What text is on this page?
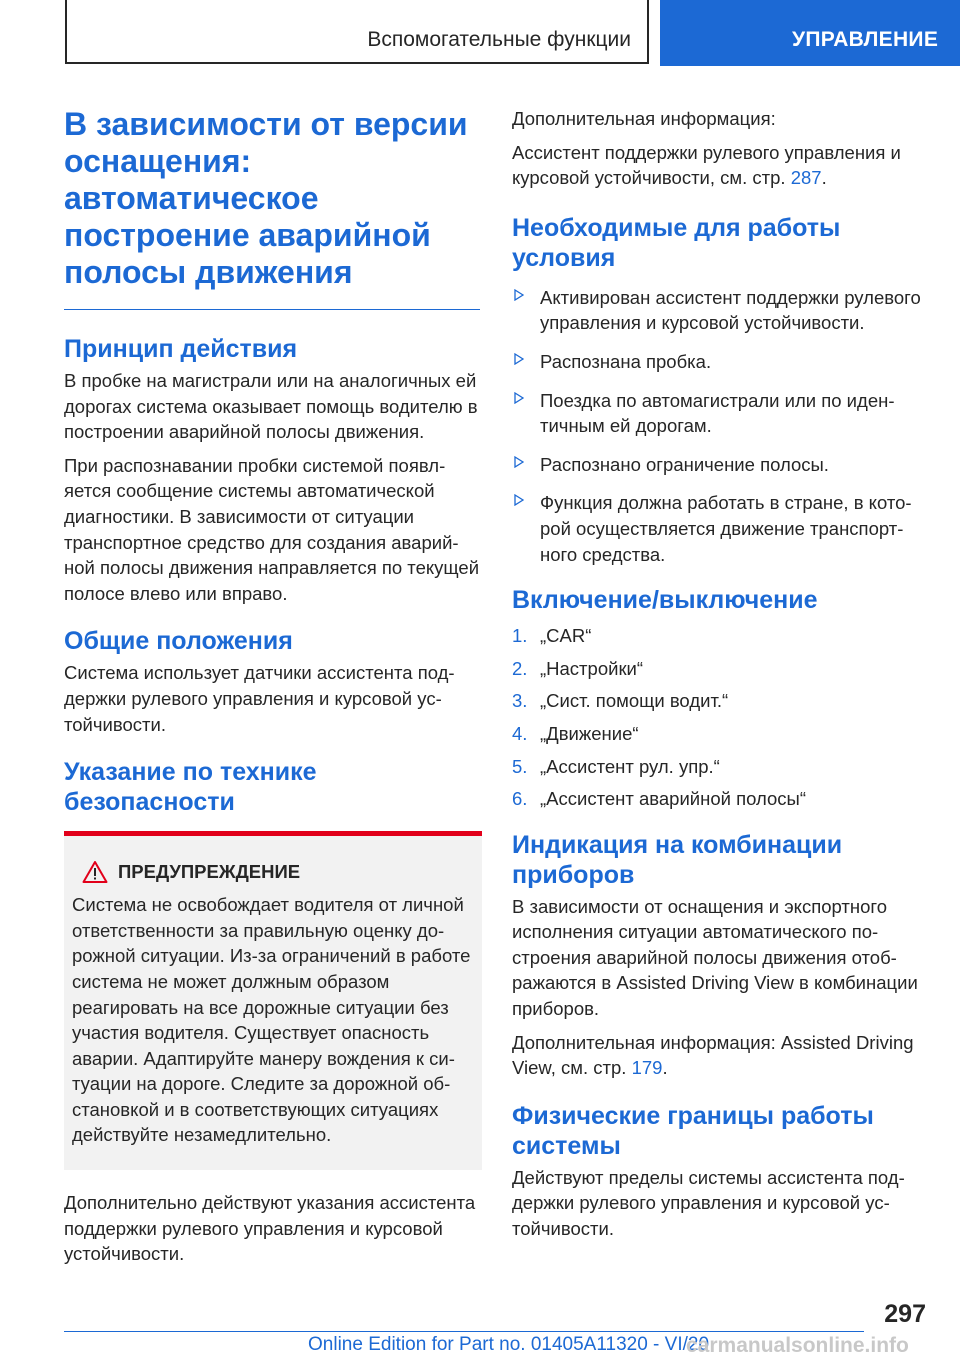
Вспомогательные функции	УПРАВЛЕНИЕ
В зависимости от версии оснащения: автоматическое построение аварийной полосы движения
Принцип действия

В пробке на магистрали или на аналогичных ей дорогах система оказывает помощь водителю в построении аварийной полосы движения.

При распознавании пробки системой появляется сообщение системы автоматической диагностики. В зависимости от ситуации транспортное средство для создания аварийной полосы движения направляется по текущей полосе влево или вправо.

Общие положения

Система использует датчики ассистента поддержки рулевого управления и курсовой устойчивости.

Указание по технике безопасности
ПРЕДУПРЕЖДЕНИЕ

Система не освобождает водителя от личной ответственности за правильную оценку дорожной ситуации. Из-за ограничений в работе система не может должным образом реагировать на все дорожные ситуации без участия водителя. Существует опасность аварии. Адаптируйте манеру вождения к ситуации на дороге. Следите за дорожной обстановкой и в соответствующих ситуациях действуйте незамедлительно.

Дополнительно действуют указания ассистента поддержки рулевого управления и курсовой устойчивости.

Дополнительная информация:

Ассистент поддержки рулевого управления и курсовой устойчивости, см. стр. 287.

Необходимые для работы условия
Активирован ассистент поддержки рулевого управления и курсовой устойчивости.
Распознана пробка.
Поездка по автомагистрали или по идентичным ей дорогам.
Распознано ограничение полосы.
Функция должна работать в стране, в которой осуществляется движение транспортного средства.
Включение/выключение
1. „CAR“
2. „Настройки“
3. „Сист. помощи водит.“
4. „Движение“
5. „Ассистент рул. упр.“
6. „Ассистент аварийной полосы“
Индикация на комбинации приборов

В зависимости от оснащения и экспортного исполнения ситуации автоматического построения аварийной полосы движения отображаются в Assisted Driving View в комбинации приборов.

Дополнительная информация: Assisted Driving View, см. стр. 179.

Физические границы работы системы

Действуют пределы системы ассистента поддержки рулевого управления и курсовой устойчивости.

297
Online Edition for Part no. 01405A11320 - VI/20
carmanualsonline.info
